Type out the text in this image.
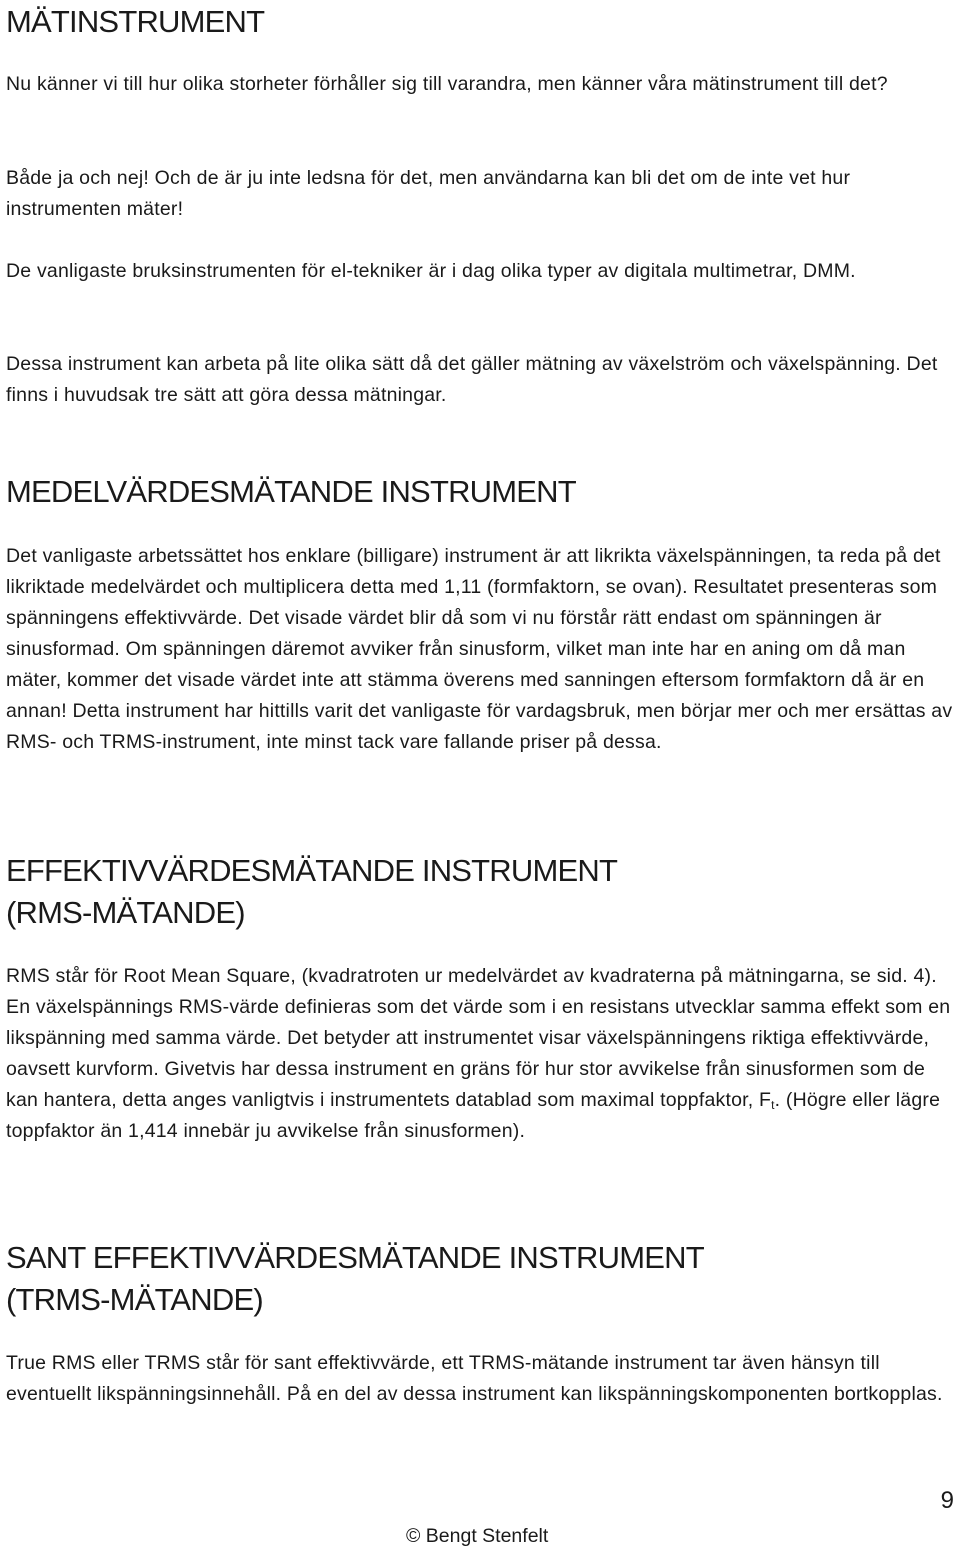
MÄTINSTRUMENT

Nu känner vi till hur olika storheter förhåller sig till varandra, men känner våra mätinstrument till det?

Både ja och nej! Och de är ju inte ledsna för det, men användarna kan bli det om de inte vet hur instrumenten mäter!

De vanligaste bruksinstrumenten för el-tekniker är i dag olika typer av digitala multimetrar, DMM.

Dessa instrument kan arbeta på lite olika sätt då det gäller mätning av växelström och växelspänning. Det finns i huvudsak tre sätt att göra dessa mätningar.

MEDELVÄRDESMÄTANDE INSTRUMENT

Det vanligaste arbetssättet hos enklare (billigare) instrument är att likrikta växelspänningen, ta reda på det likriktade medelvärdet och multiplicera detta med 1,11 (formfaktorn, se ovan). Resultatet presenteras som spänningens effektivvärde. Det visade värdet blir då som vi nu förstår rätt endast om spänningen är sinusformad. Om spänningen däremot avviker från sinusform, vilket man inte har en aning om då man mäter, kommer det visade värdet inte att stämma överens med sanningen eftersom formfaktorn då är en annan! Detta instrument har hittills varit det vanligaste för vardagsbruk, men börjar mer och mer ersättas av RMS- och TRMS-instrument, inte minst tack vare fallande priser på dessa.

EFFEKTIVVÄRDESMÄTANDE INSTRUMENT
(RMS-MÄTANDE)

RMS står för Root Mean Square, (kvadratroten ur medelvärdet av kvadraterna på mätningarna, se sid. 4). En växelspännings RMS-värde definieras som det värde som i en resistans utvecklar samma effekt som en likspänning med samma värde. Det betyder att instrumentet visar växelspänningens riktiga effektivvärde, oavsett kurvform. Givetvis har dessa instrument en gräns för hur stor avvikelse från sinusformen som de kan hantera, detta anges vanligtvis i instrumentets datablad som maximal toppfaktor, $F_t$. (Högre eller lägre toppfaktor än 1,414 innebär ju avvikelse från sinusformen).

SANT EFFEKTIVVÄRDESMÄTANDE INSTRUMENT
(TRMS-MÄTANDE)

True RMS eller TRMS står för sant effektivvärde, ett TRMS-mätande instrument tar även hänsyn till eventuellt likspänningsinnehåll. På en del av dessa instrument kan likspänningskomponenten bortkopplas.

9
© Bengt Stenfelt
